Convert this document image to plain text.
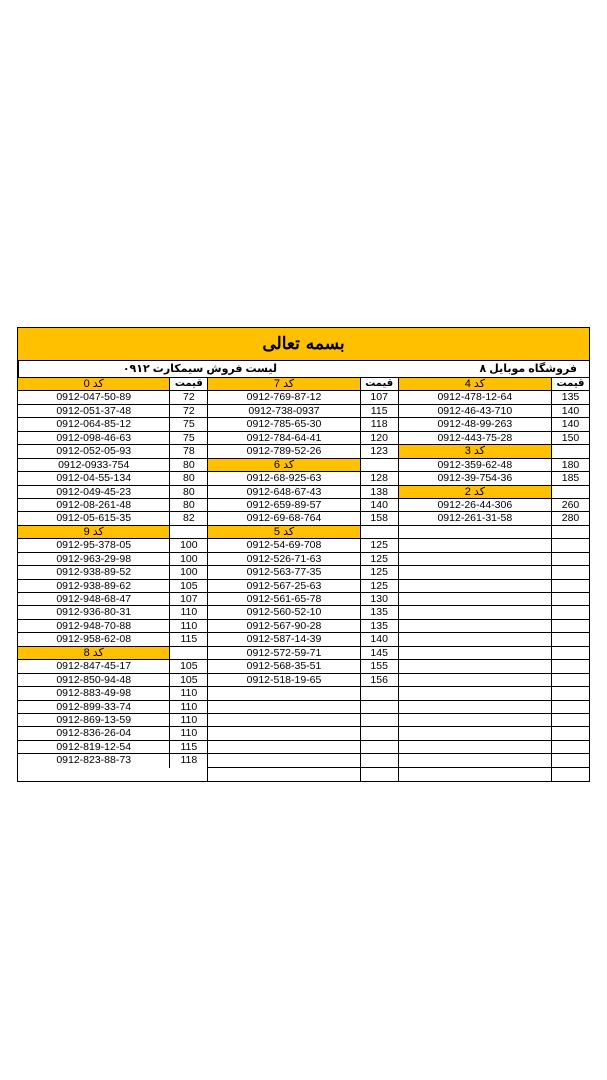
بسمه تعالی
لیست فروش سیمکارت ۰۹۱۲	فروشگاه موبایل ۸
قیمت
کد 4
135
0912-478-12-64
140
0912-46-43-710
140
0912-48-99-263
150
0912-443-75-28
کد 3
180
0912-359-62-48
185
0912-39-754-36
کد 2
260
0912-26-44-306
280
0912-261-31-58
قیمت
کد 7
107
0912-769-87-12
115
0912-738-0937
118
0912-785-65-30
120
0912-784-64-41
123
0912-789-52-26
کد 6
128
0912-68-925-63
138
0912-648-67-43
140
0912-659-89-57
158
0912-69-68-764
کد 5
125
0912-54-69-708
125
0912-526-71-63
125
0912-563-77-35
125
0912-567-25-63
130
0912-561-65-78
135
0912-560-52-10
135
0912-567-90-28
140
0912-587-14-39
145
0912-572-59-71
155
0912-568-35-51
156
0912-518-19-65
قیمت
کد 0
72
0912-047-50-89
72
0912-051-37-48
75
0912-064-85-12
75
0912-098-46-63
78
0912-052-05-93
80
0912-0933-754
80
0912-04-55-134
80
0912-049-45-23
80
0912-08-261-48
82
0912-05-615-35
کد 9
100
0912-95-378-05
100
0912-963-29-98
100
0912-938-89-52
105
0912-938-89-62
107
0912-948-68-47
110
0912-936-80-31
110
0912-948-70-88
115
0912-958-62-08
کد 8
105
0912-847-45-17
105
0912-850-94-48
110
0912-883-49-98
110
0912-899-33-74
110
0912-869-13-59
110
0912-836-26-04
115
0912-819-12-54
118
0912-823-88-73
